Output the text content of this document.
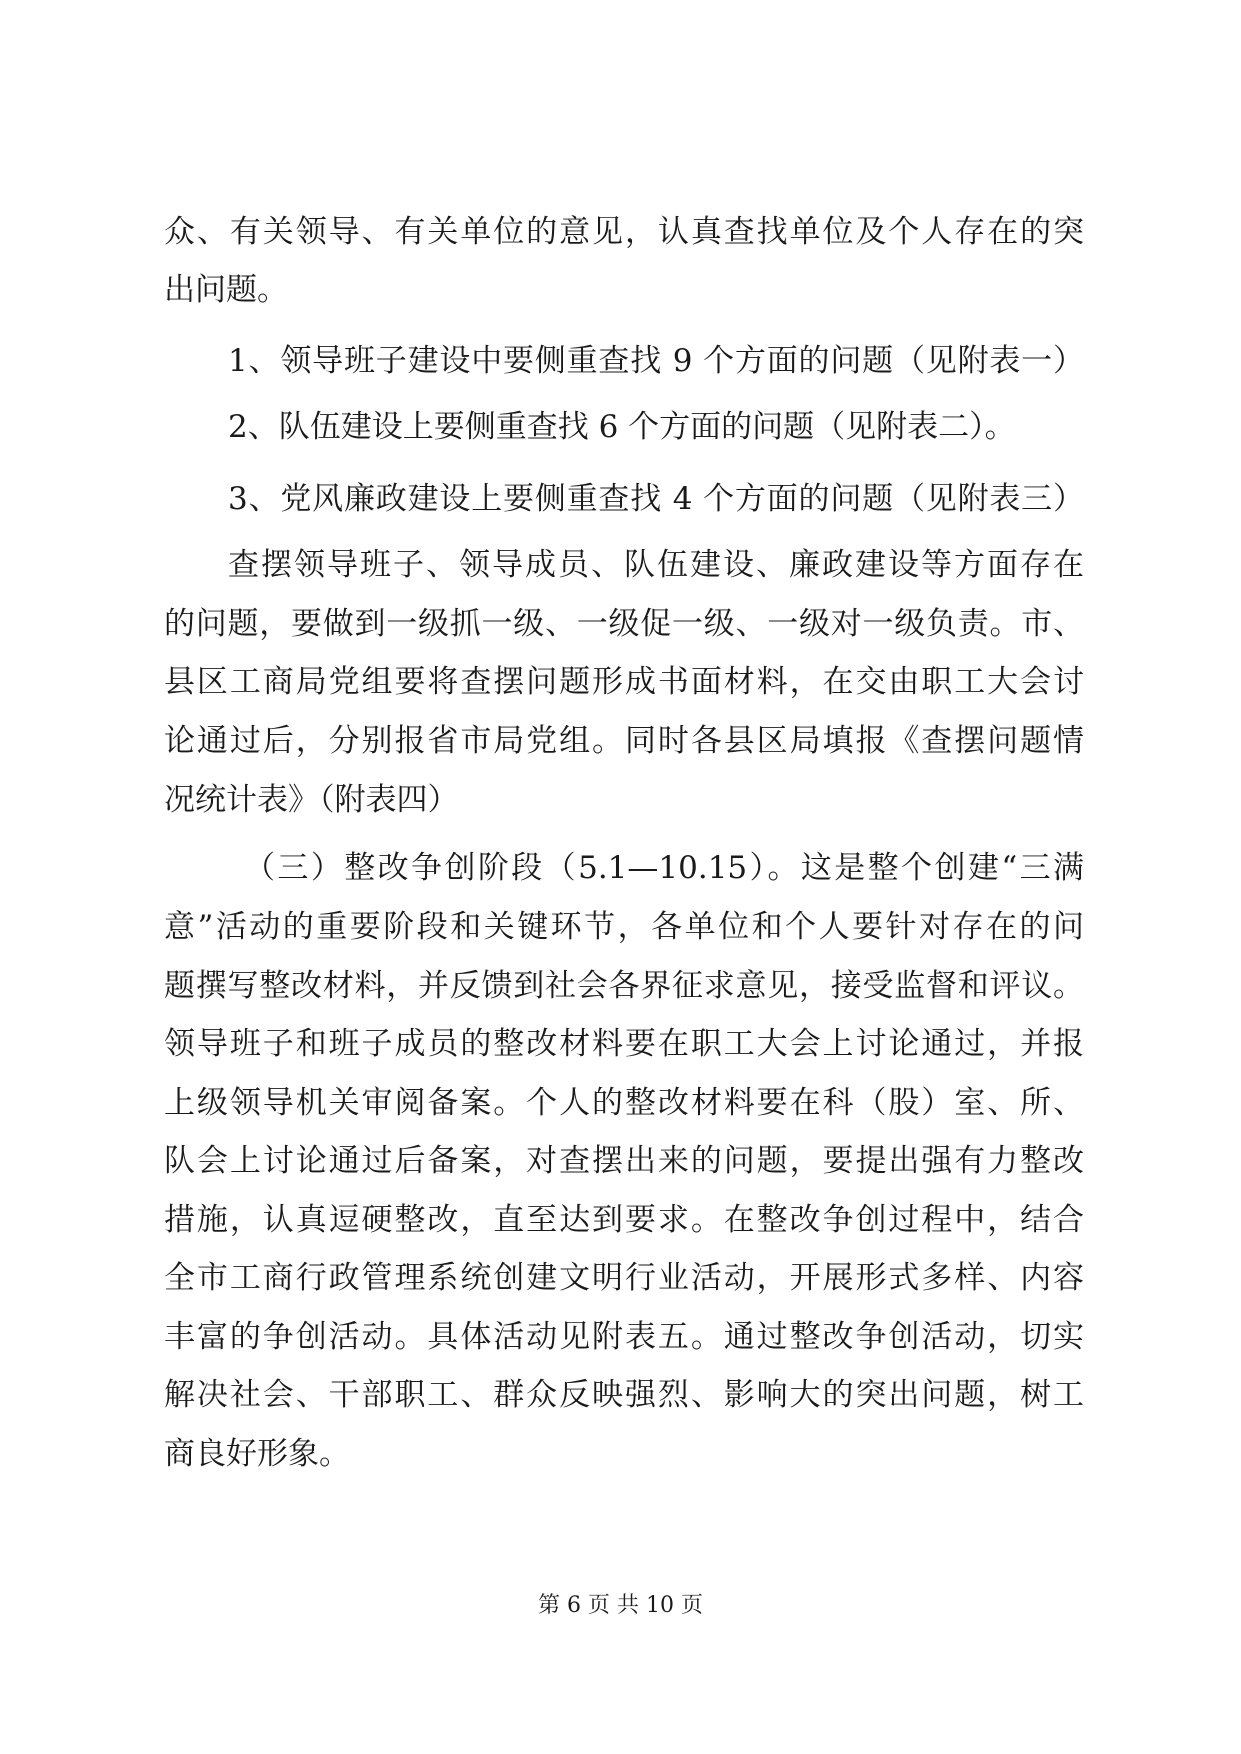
众、有关领导、有关单位的意见，认真查找单位及个人存在的突
出问题。
1、领导班子建设中要侧重查找 9 个方面的问题（见附表一）
2、队伍建设上要侧重查找 6 个方面的问题（见附表二）。
3、党风廉政建设上要侧重查找 4 个方面的问题（见附表三）
查摆领导班子、领导成员、队伍建设、廉政建设等方面存在
的问题，要做到一级抓一级、一级促一级、一级对一级负责。市、
县区工商局党组要将查摆问题形成书面材料，在交由职工大会讨
论通过后，分别报省市局党组。同时各县区局填报《查摆问题情
况统计表》（附表四）
（三）整改争创阶段（5.1—10.15）。这是整个创建“三满
意”活动的重要阶段和关键环节，各单位和个人要针对存在的问
题撰写整改材料，并反馈到社会各界征求意见，接受监督和评议。
领导班子和班子成员的整改材料要在职工大会上讨论通过，并报
上级领导机关审阅备案。个人的整改材料要在科（股）室、所、
队会上讨论通过后备案，对查摆出来的问题，要提出强有力整改
措施，认真逗硬整改，直至达到要求。在整改争创过程中，结合
全市工商行政管理系统创建文明行业活动，开展形式多样、内容
丰富的争创活动。具体活动见附表五。通过整改争创活动，切实
解决社会、干部职工、群众反映强烈、影响大的突出问题，树工
商良好形象。
第 6 页 共 10 页
